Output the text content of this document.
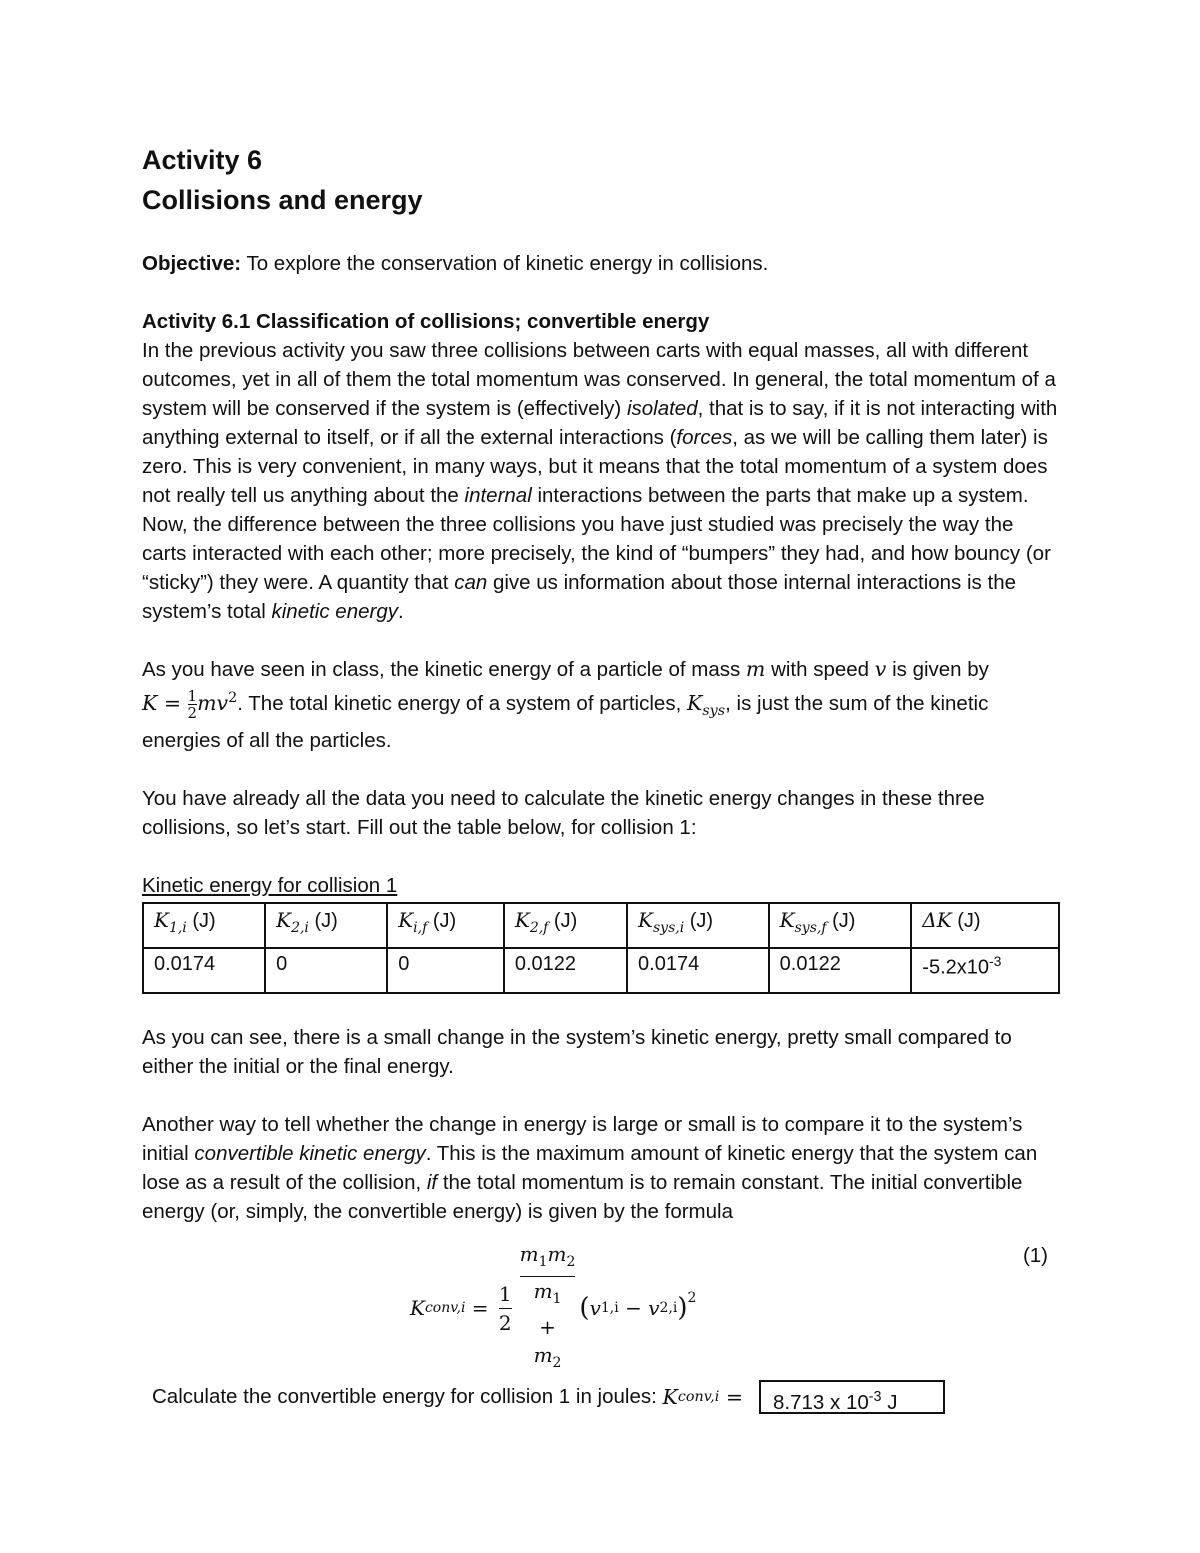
Activity 6

Collisions and energy

Objective: To explore the conservation of kinetic energy in collisions.

Activity 6.1 Classification of collisions; convertible energy

In the previous activity you saw three collisions between carts with equal masses, all with different outcomes, yet in all of them the total momentum was conserved. In general, the total momentum of a system will be conserved if the system is (effectively) isolated, that is to say, if it is not interacting with anything external to itself, or if all the external interactions (forces, as we will be calling them later) is zero. This is very convenient, in many ways, but it means that the total momentum of a system does not really tell us anything about the internal interactions between the parts that make up a system.

Now, the difference between the three collisions you have just studied was precisely the way the carts interacted with each other; more precisely, the kind of “bumpers” they had, and how bouncy (or “sticky”) they were. A quantity that can give us information about those internal interactions is the system’s total kinetic energy.

As you have seen in class, the kinetic energy of a particle of mass m with speed v is given by
$K = \frac{1}{2} mv^2$. The total kinetic energy of a system of particles, $K_{sys}$, is just the sum of the kinetic energies of all the particles.

You have already all the data you need to calculate the kinetic energy changes in these three collisions, so let’s start. Fill out the table below, for collision 1:

Kinetic energy for collision 1

$K_{1,i}$ (J)	$K_{2,i}$ (J)	$K_{i,f}$ (J)	$K_{2,f}$ (J)	$K_{sys,i}$ (J)	$K_{sys,f}$ (J)	ΔK (J)
0.0174	0	0	0.0122	0.0174	0.0122	$-5.2x10^{-3}$

As you can see, there is a small change in the system’s kinetic energy, pretty small compared to either the initial or the final energy.

Another way to tell whether the change in energy is large or small is to compare it to the system’s initial convertible kinetic energy. This is the maximum amount of kinetic energy that the system can lose as a result of the collision, if the total momentum is to remain constant. The initial convertible energy (or, simply, the convertible energy) is given by the formula

K conv,i = $\frac{1}{2} m_1m_2$
$m_1$
+
$m_2$ ( v 1,i − v 2,i )$^2$
(1)
Calculate the convertible energy for collision 1 in joules: K conv,i =	8.713 x $10^{-3}$ J
